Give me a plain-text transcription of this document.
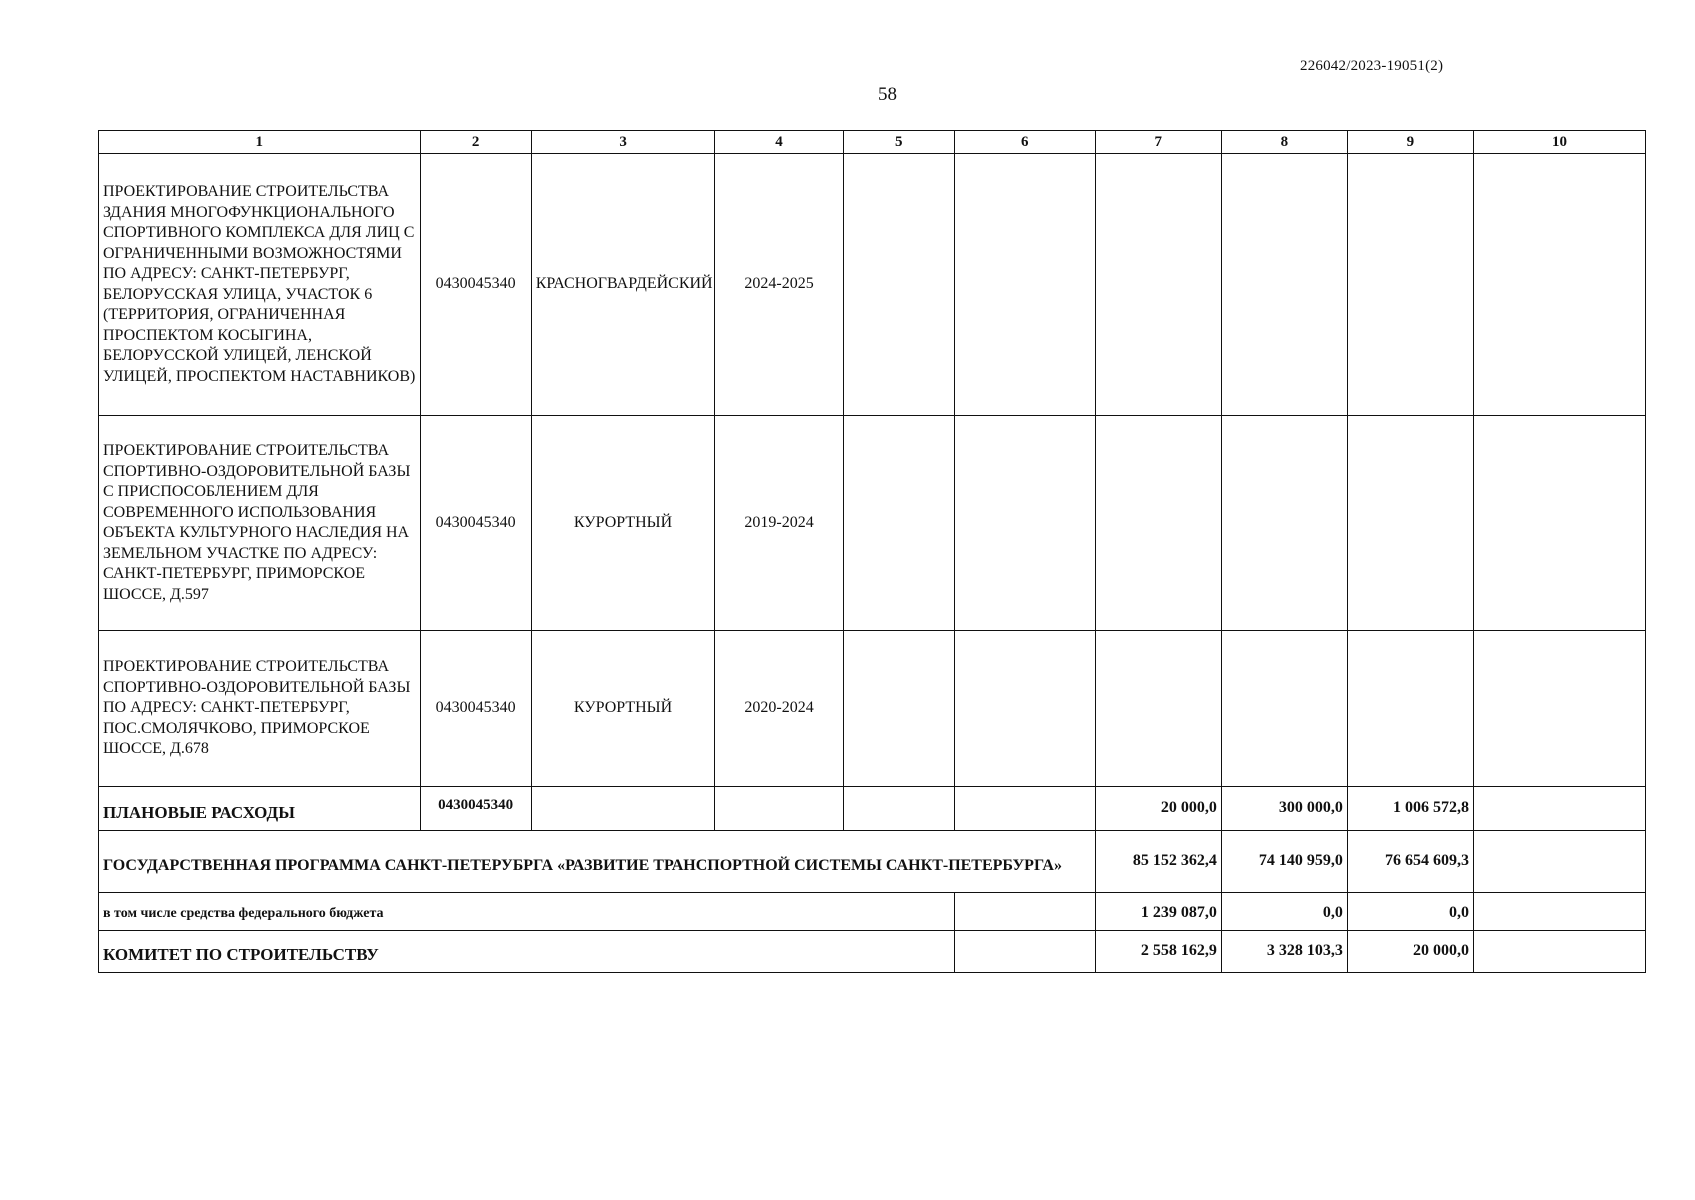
226042/2023-19051(2)
58
1	2	3	4	5	6	7	8	9	10
ПРОЕКТИРОВАНИЕ СТРОИТЕЛЬСТВА ЗДАНИЯ МНОГОФУНКЦИОНАЛЬНОГО СПОРТИВНОГО КОМПЛЕКСА ДЛЯ ЛИЦ С ОГРАНИЧЕННЫМИ ВОЗМОЖНОСТЯМИ ПО АДРЕСУ: САНКТ-ПЕТЕРБУРГ, БЕЛОРУССКАЯ УЛИЦА, УЧАСТОК 6 (ТЕРРИТОРИЯ, ОГРАНИЧЕННАЯ ПРОСПЕКТОМ КОСЫГИНА, БЕЛОРУССКОЙ УЛИЦЕЙ, ЛЕНСКОЙ УЛИЦЕЙ, ПРОСПЕКТОМ НАСТАВНИКОВ)	0430045340	КРАСНОГВАРДЕЙСКИЙ	2024-2025						
ПРОЕКТИРОВАНИЕ СТРОИТЕЛЬСТВА СПОРТИВНО-ОЗДОРОВИТЕЛЬНОЙ БАЗЫ С ПРИСПОСОБЛЕНИЕМ ДЛЯ СОВРЕМЕННОГО ИСПОЛЬЗОВАНИЯ ОБЪЕКТА КУЛЬТУРНОГО НАСЛЕДИЯ НА ЗЕМЕЛЬНОМ УЧАСТКЕ ПО АДРЕСУ: САНКТ-ПЕТЕРБУРГ, ПРИМОРСКОЕ ШОССЕ, Д.597	0430045340	КУРОРТНЫЙ	2019-2024						
ПРОЕКТИРОВАНИЕ СТРОИТЕЛЬСТВА СПОРТИВНО-ОЗДОРОВИТЕЛЬНОЙ БАЗЫ ПО АДРЕСУ: САНКТ-ПЕТЕРБУРГ, ПОС.СМОЛЯЧКОВО, ПРИМОРСКОЕ ШОССЕ, Д.678	0430045340	КУРОРТНЫЙ	2020-2024						
ПЛАНОВЫЕ РАСХОДЫ	0430045340					20 000,0	300 000,0	1 006 572,8	
ГОСУДАРСТВЕННАЯ ПРОГРАММА САНКТ-ПЕТЕРУБРГА «РАЗВИТИЕ ТРАНСПОРТНОЙ СИСТЕМЫ САНКТ-ПЕТЕРБУРГА»						85 152 362,4	74 140 959,0	76 654 609,3	
в том числе средства федерального бюджета						1 239 087,0	0,0	0,0	
КОМИТЕТ ПО СТРОИТЕЛЬСТВУ						2 558 162,9	3 328 103,3	20 000,0	
